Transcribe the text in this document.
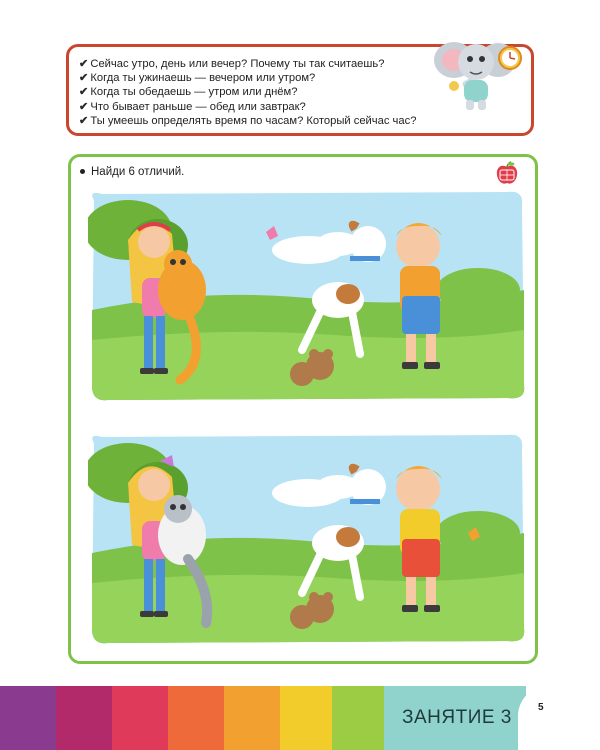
✔ Сейчас утро, день или вечер? Почему ты так считаешь?
✔ Когда ты ужинаешь — вечером или утром?
✔ Когда ты обедаешь — утром или днём?
✔ Что бывает раньше — обед или завтрак?
✔ Ты умеешь определять время по часам? Который сейчас час?
Найди 6 отличий.
ЗАНЯТИЕ 3	5
